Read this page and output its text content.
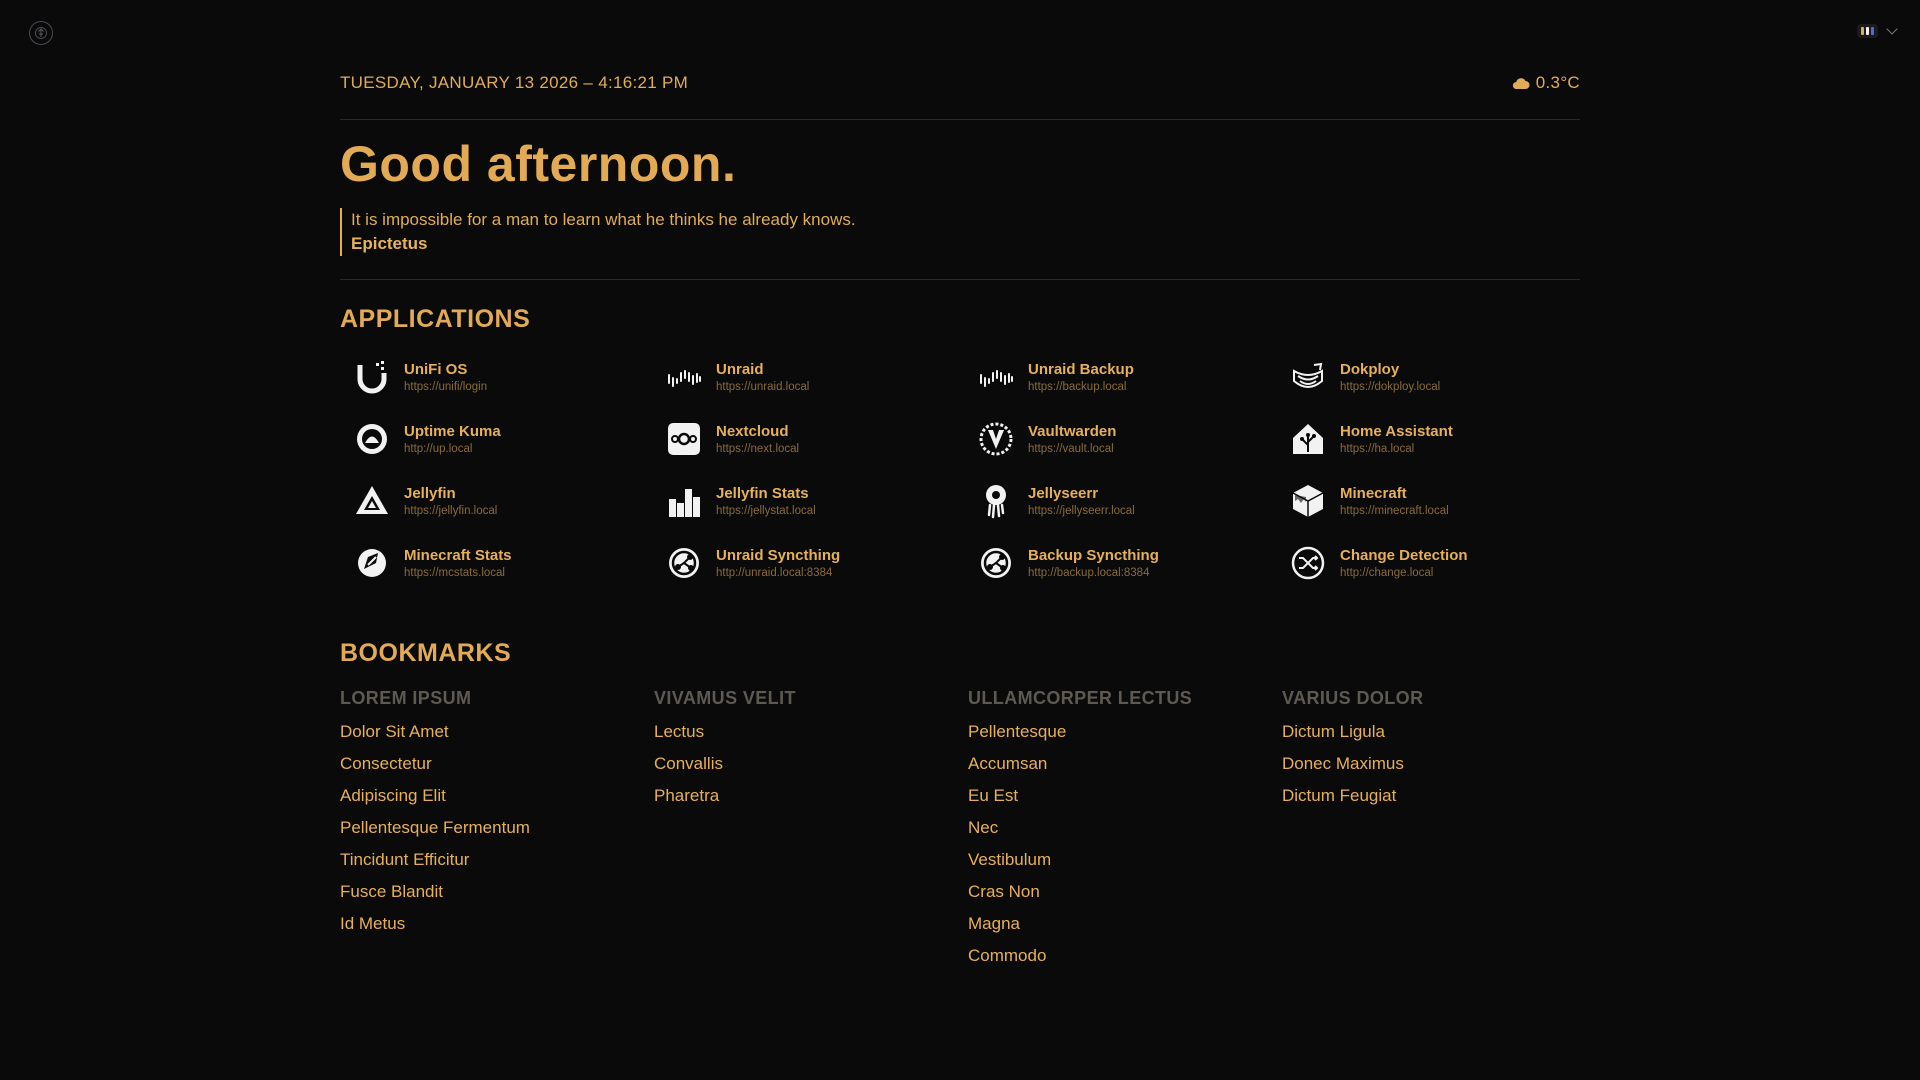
TUESDAY, JANUARY 13 2026 – 4:16:21 PM	0.3°C
Good afternoon.
It is impossible for a man to learn what he thinks he already knows.
Epictetus
APPLICATIONS
UniFi OS
https://unifi/login
Unraid
https://unraid.local
Unraid Backup
https://backup.local
Dokploy
https://dokploy.local
Uptime Kuma
http://up.local
Nextcloud
https://next.local
Vaultwarden
https://vault.local
Home Assistant
https://ha.local
Jellyfin
https://jellyfin.local
Jellyfin Stats
https://jellystat.local
Jellyseerr
https://jellyseerr.local
Minecraft
https://minecraft.local
Minecraft Stats
https://mcstats.local
Unraid Syncthing
http://unraid.local:8384
Backup Syncthing
http://backup.local:8384
Change Detection
http://change.local
BOOKMARKS
LOREM IPSUM
Dolor Sit Amet
Consectetur
Adipiscing Elit
Pellentesque Fermentum
Tincidunt Efficitur
Fusce Blandit
Id Metus
VIVAMUS VELIT
Lectus
Convallis
Pharetra
ULLAMCORPER LECTUS
Pellentesque
Accumsan
Eu Est
Nec
Vestibulum
Cras Non
Magna
Commodo
VARIUS DOLOR
Dictum Ligula
Donec Maximus
Dictum Feugiat
